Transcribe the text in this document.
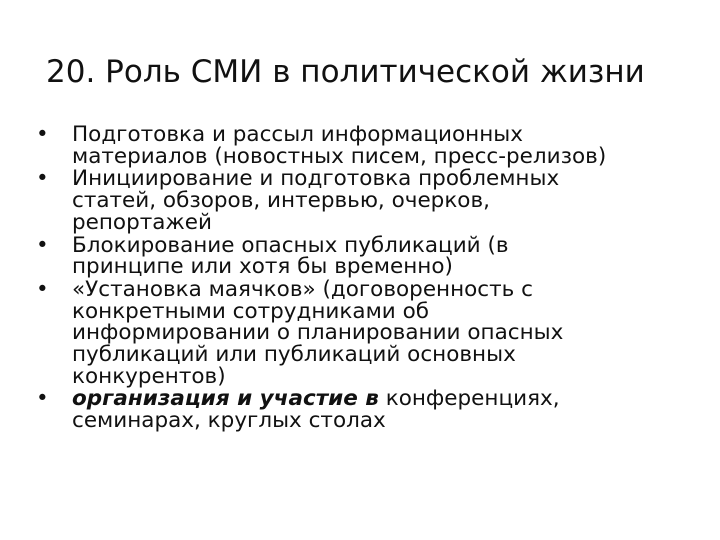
20. Роль СМИ в политической жизни
•	Подготовка и рассыл информационных
материалов (новостных писем, пресс-релизов)
•	Инициирование и подготовка проблемных
статей, обзоров, интервью, очерков,
репортажей
•	Блокирование опасных публикаций (в
принципе или хотя бы временно)
•	«Установка маячков» (договоренность с
конкретными сотрудниками об
информировании о планировании опасных
публикаций или публикаций основных
конкурентов)
•	организация и участие в конференциях,
семинарах, круглых столах
